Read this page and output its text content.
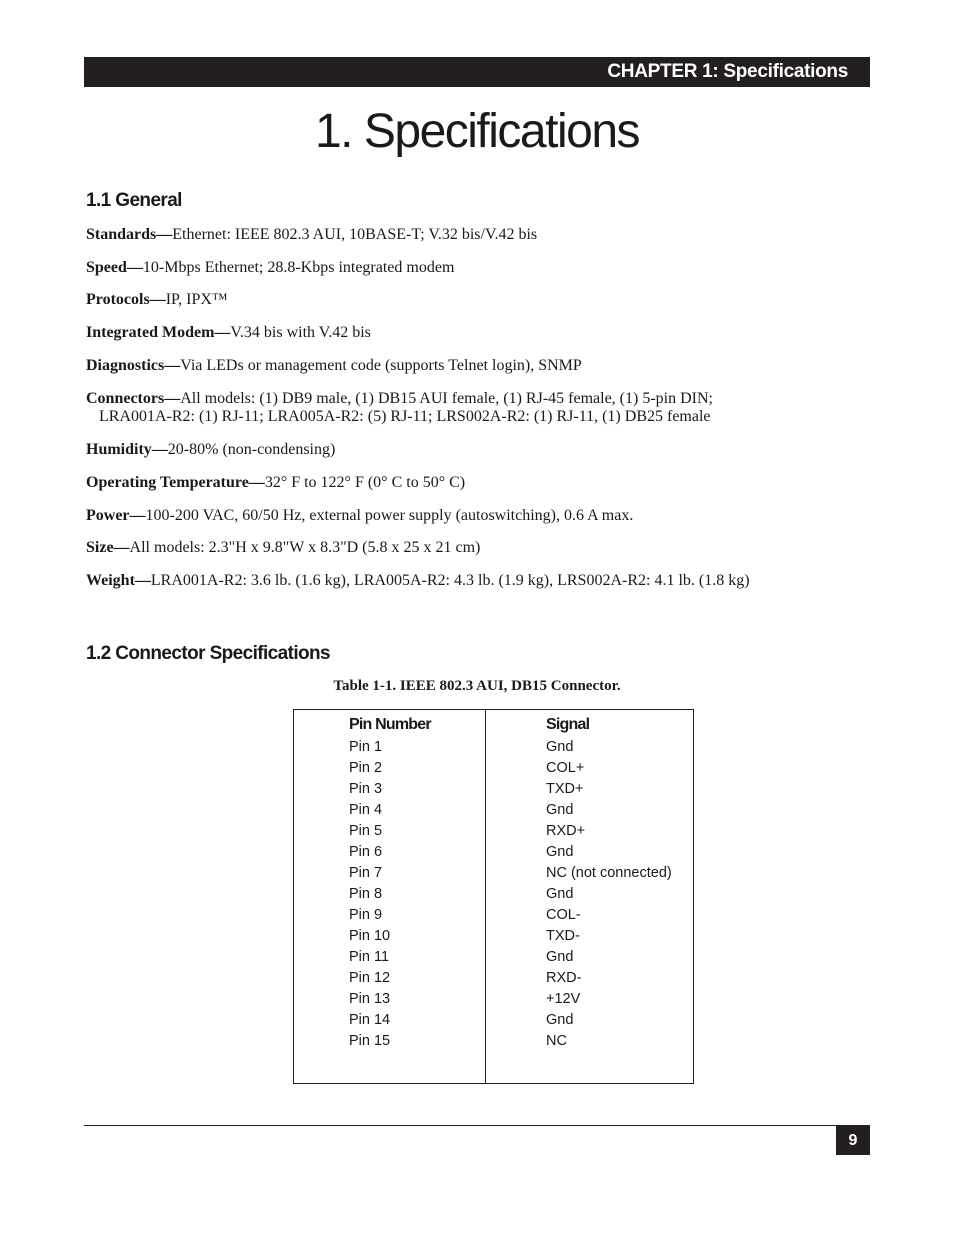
CHAPTER 1: Specifications
1. Specifications
1.1 General

Standards—Ethernet: IEEE 802.3 AUI, 10BASE-T; V.32 bis/V.42 bis

Speed—10-Mbps Ethernet; 28.8-Kbps integrated modem

Protocols—IP, IPX™

Integrated Modem—V.34 bis with V.42 bis

Diagnostics—Via LEDs or management code (supports Telnet login), SNMP

Connectors—All models: (1) DB9 male, (1) DB15 AUI female, (1) RJ-45 female, (1) 5-pin DIN;
LRA001A-R2: (1) RJ-11; LRA005A-R2: (5) RJ-11; LRS002A-R2: (1) RJ-11, (1) DB25 female

Humidity—20-80% (non-condensing)

Operating Temperature—32° F to 122° F (0° C to 50° C)

Power—100-200 VAC, 60/50 Hz, external power supply (autoswitching), 0.6 A max.

Size—All models: 2.3"H x 9.8"W x 8.3"D (5.8 x 25 x 21 cm)

Weight—LRA001A-R2: 3.6 lb. (1.6 kg), LRA005A-R2: 4.3 lb. (1.9 kg), LRS002A-R2: 4.1 lb. (1.8 kg)

1.2 Connector Specifications

Table 1-1. IEEE 802.3 AUI, DB15 Connector.

Pin Number	Signal
Pin 1	Gnd
Pin 2	COL+
Pin 3	TXD+
Pin 4	Gnd
Pin 5	RXD+
Pin 6	Gnd
Pin 7	NC (not connected)
Pin 8	Gnd
Pin 9	COL-
Pin 10	TXD-
Pin 11	Gnd
Pin 12	RXD-
Pin 13	+12V
Pin 14	Gnd
Pin 15	NC
9
